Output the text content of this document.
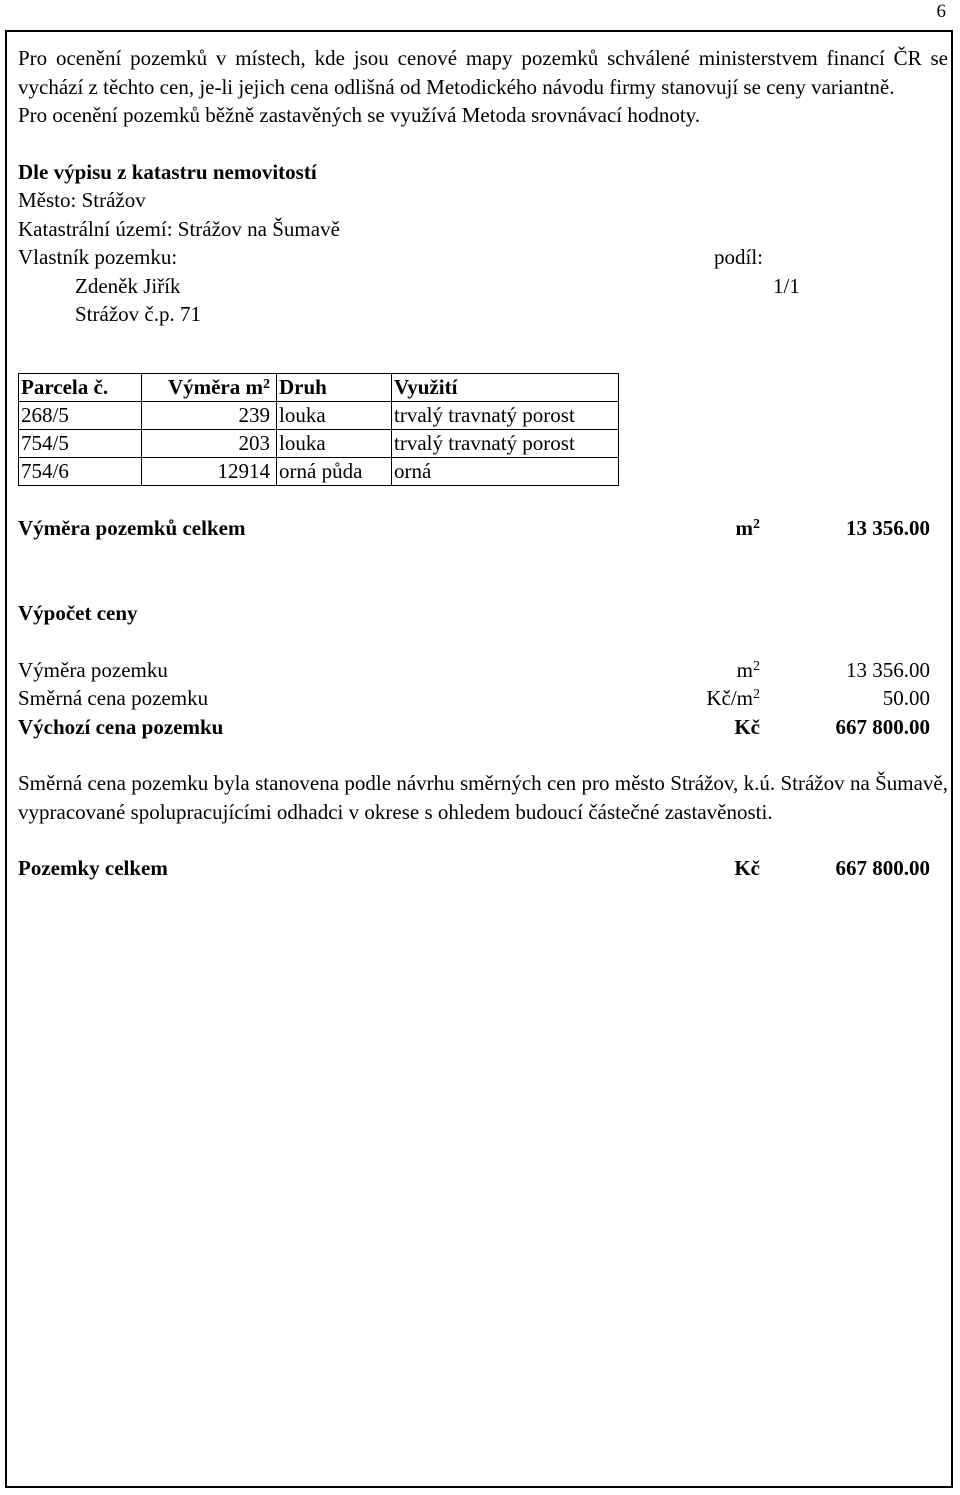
6
Pro ocenění pozemků v místech, kde jsou cenové mapy pozemků schválené ministerstvem financí ČR se vychází z těchto cen, je-li jejich cena odlišná od Metodického návodu firmy stanovují se ceny variantně.
Pro ocenění pozemků běžně zastavěných se využívá Metoda srovnávací hodnoty.
Dle výpisu z katastru nemovitostí
Město: Strážov
Katastrální území: Strážov na Šumavě
Vlastník pozemku:	podíl:
Zdeněk Jiřík	1/1
Strážov č.p. 71
Parcela č.	Výměra $m^2$	Druh	Využití
268/5	239	louka	trvalý travnatý porost
754/5	203	louka	trvalý travnatý porost
754/6	12914	orná půda	orná
Výměra pozemků celkem	$m^2$	13 356.00
Výpočet ceny
Výměra pozemku	$m^2$	13 356.00
Směrná cena pozemku	$Kč/m^2$	50.00
Výchozí cena pozemku	Kč	667 800.00
Směrná cena pozemku byla stanovena podle návrhu směrných cen pro město Strážov, k.ú. Strážov na Šumavě, vypracované spolupracujícími odhadci v okrese s ohledem budoucí částečné zastavěnosti.
Pozemky celkem	Kč	667 800.00
